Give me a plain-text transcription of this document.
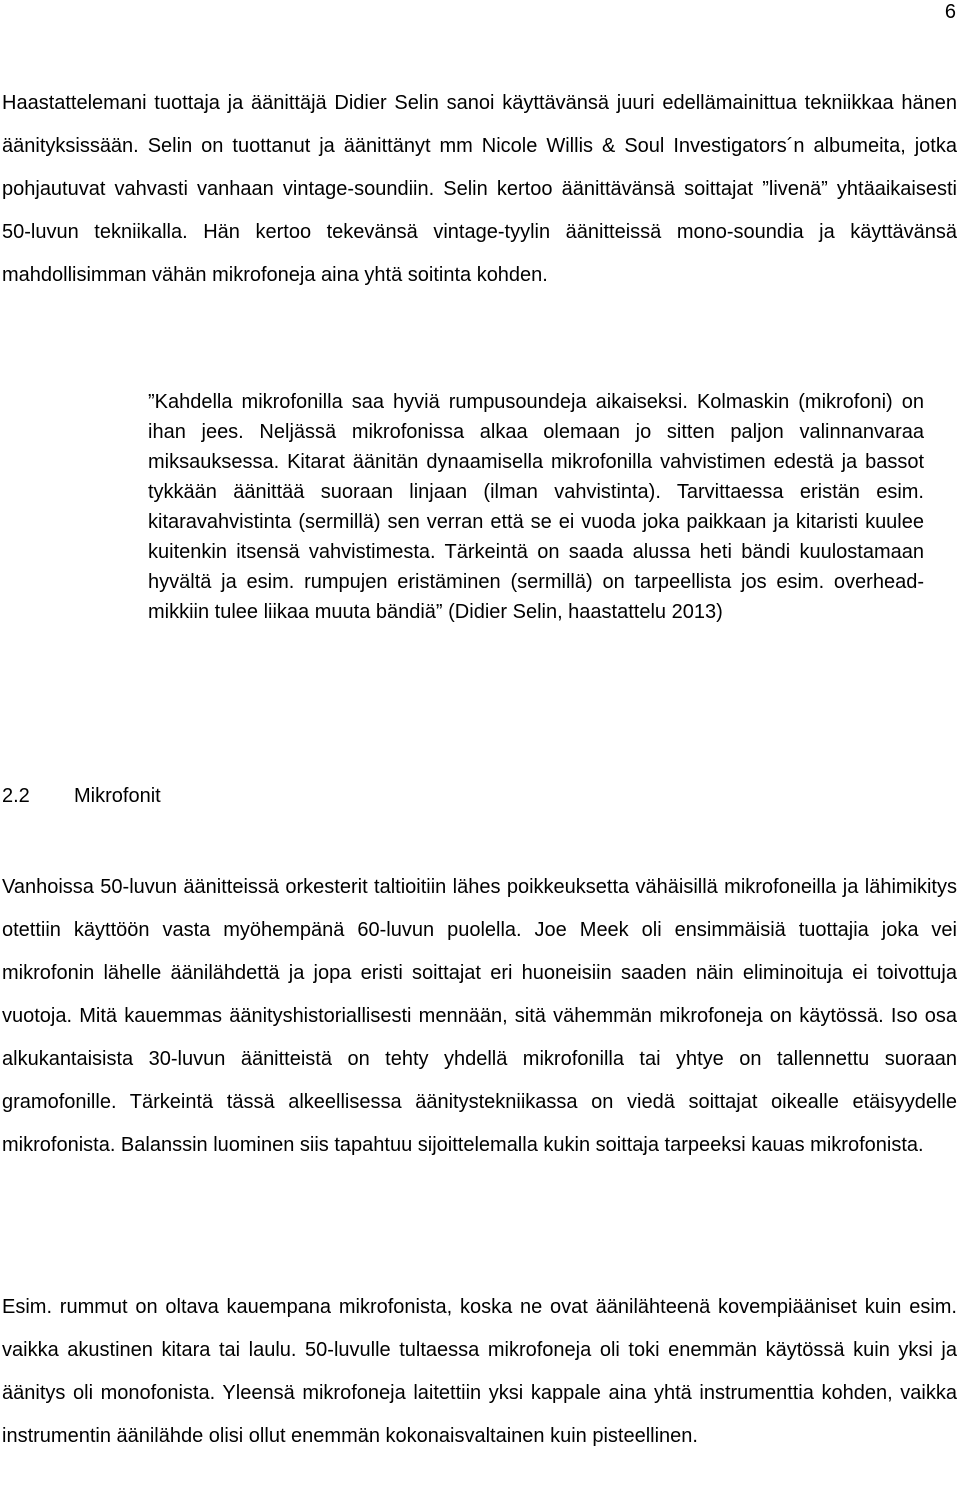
6

Haastattelemani tuottaja ja äänittäjä Didier Selin sanoi käyttävänsä juuri edellämainittua tekniikkaa hänen äänityksissään. Selin on tuottanut ja äänittänyt mm Nicole Willis & Soul Investigators´n albumeita, jotka pohjautuvat vahvasti vanhaan vintage-soundiin. Selin kertoo äänittävänsä soittajat ”livenä” yhtäaikaisesti 50-luvun tekniikalla. Hän kertoo tekevänsä vintage-tyylin äänitteissä mono-soundia ja käyttävänsä mahdollisimman vähän mikrofoneja aina yhtä soitinta kohden.

”Kahdella mikrofonilla saa hyviä rumpusoundeja aikaiseksi. Kolmaskin (mikrofoni) on ihan jees. Neljässä mikrofonissa alkaa olemaan jo sitten paljon valinnanvaraa miksauksessa. Kitarat äänitän dynaamisella mikrofonilla vahvistimen edestä ja bassot tykkään äänittää suoraan linjaan (ilman vahvistinta). Tarvittaessa eristän esim. kitaravahvistinta (sermillä) sen verran että se ei vuoda joka paikkaan ja kitaristi kuulee kuitenkin itsensä vahvistimesta. Tärkeintä on saada alussa heti bändi kuulostamaan hyvältä ja esim. rumpujen eristäminen (sermillä) on tarpeellista jos esim. overhead-mikkiin tulee liikaa muuta bändiä” (Didier Selin, haastattelu 2013)

2.2 Mikrofonit

Vanhoissa 50-luvun äänitteissä orkesterit taltioitiin lähes poikkeuksetta vähäisillä mikrofoneilla ja lähimikitys otettiin käyttöön vasta myöhempänä 60-luvun puolella. Joe Meek oli ensimmäisiä tuottajia joka vei mikrofonin lähelle äänilähdettä ja jopa eristi soittajat eri huoneisiin saaden näin eliminoituja ei toivottuja vuotoja. Mitä kauemmas äänityshistoriallisesti mennään, sitä vähemmän mikrofoneja on käytössä. Iso osa alkukantaisista 30-luvun äänitteistä on tehty yhdellä mikrofonilla tai yhtye on tallennettu suoraan gramofonille. Tärkeintä tässä alkeellisessa äänitystekniikassa on viedä soittajat oikealle etäisyydelle mikrofonista. Balanssin luominen siis tapahtuu sijoittelemalla kukin soittaja tarpeeksi kauas mikrofonista.

Esim. rummut on oltava kauempana mikrofonista, koska ne ovat äänilähteenä kovempiääniset kuin esim. vaikka akustinen kitara tai laulu. 50-luvulle tultaessa mikrofoneja oli toki enemmän käytössä kuin yksi ja äänitys oli monofonista. Yleensä mikrofoneja laitettiin yksi kappale aina yhtä instrumenttia kohden, vaikka instrumentin äänilähde olisi ollut enemmän kokonaisvaltainen kuin pisteellinen.
